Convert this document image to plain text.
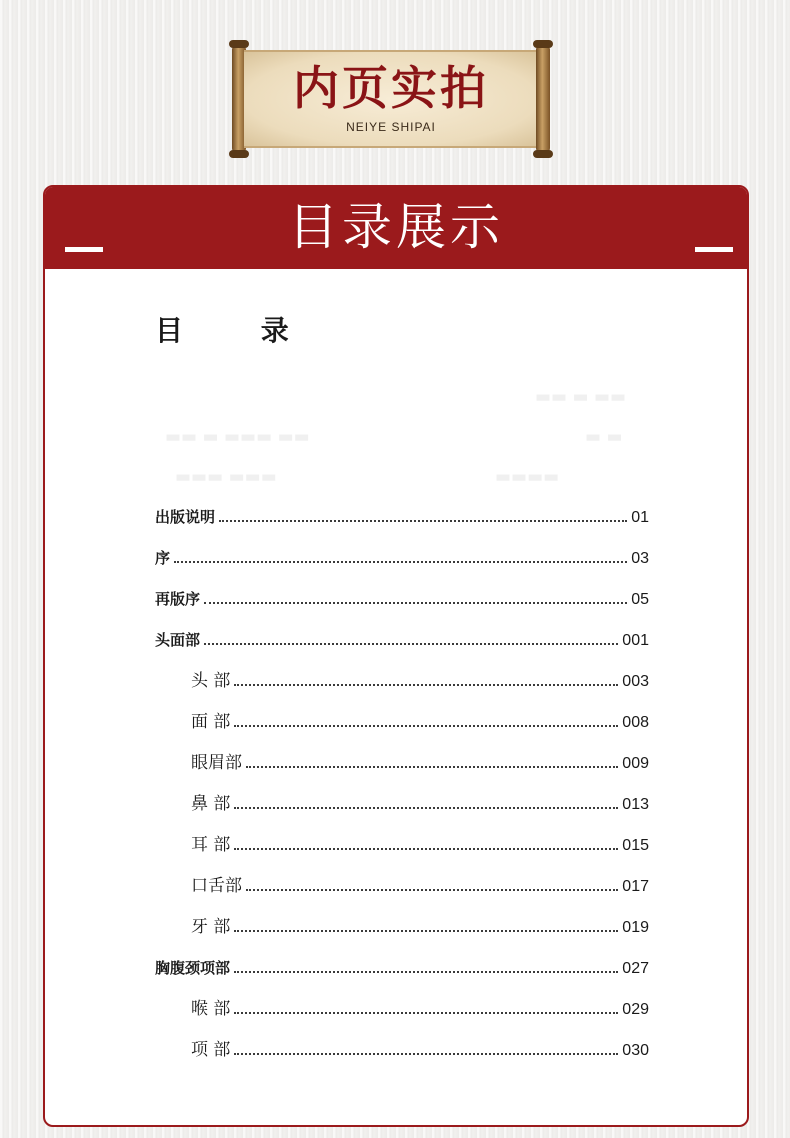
内页实拍
NEIYE SHIPAI
目录展示
▬▬ ▬ ▬▬
▬ ▬
▬▬▬▬
▬▬ ▬ ▬▬▬ ▬▬
▬▬▬ ▬▬▬
目 录
出版说明	01
序	03
再版序	05
头面部	001
头 部	003
面 部	008
眼眉部	009
鼻 部	013
耳 部	015
口舌部	017
牙 部	019
胸腹颈项部	027
喉 部	029
项 部	030
